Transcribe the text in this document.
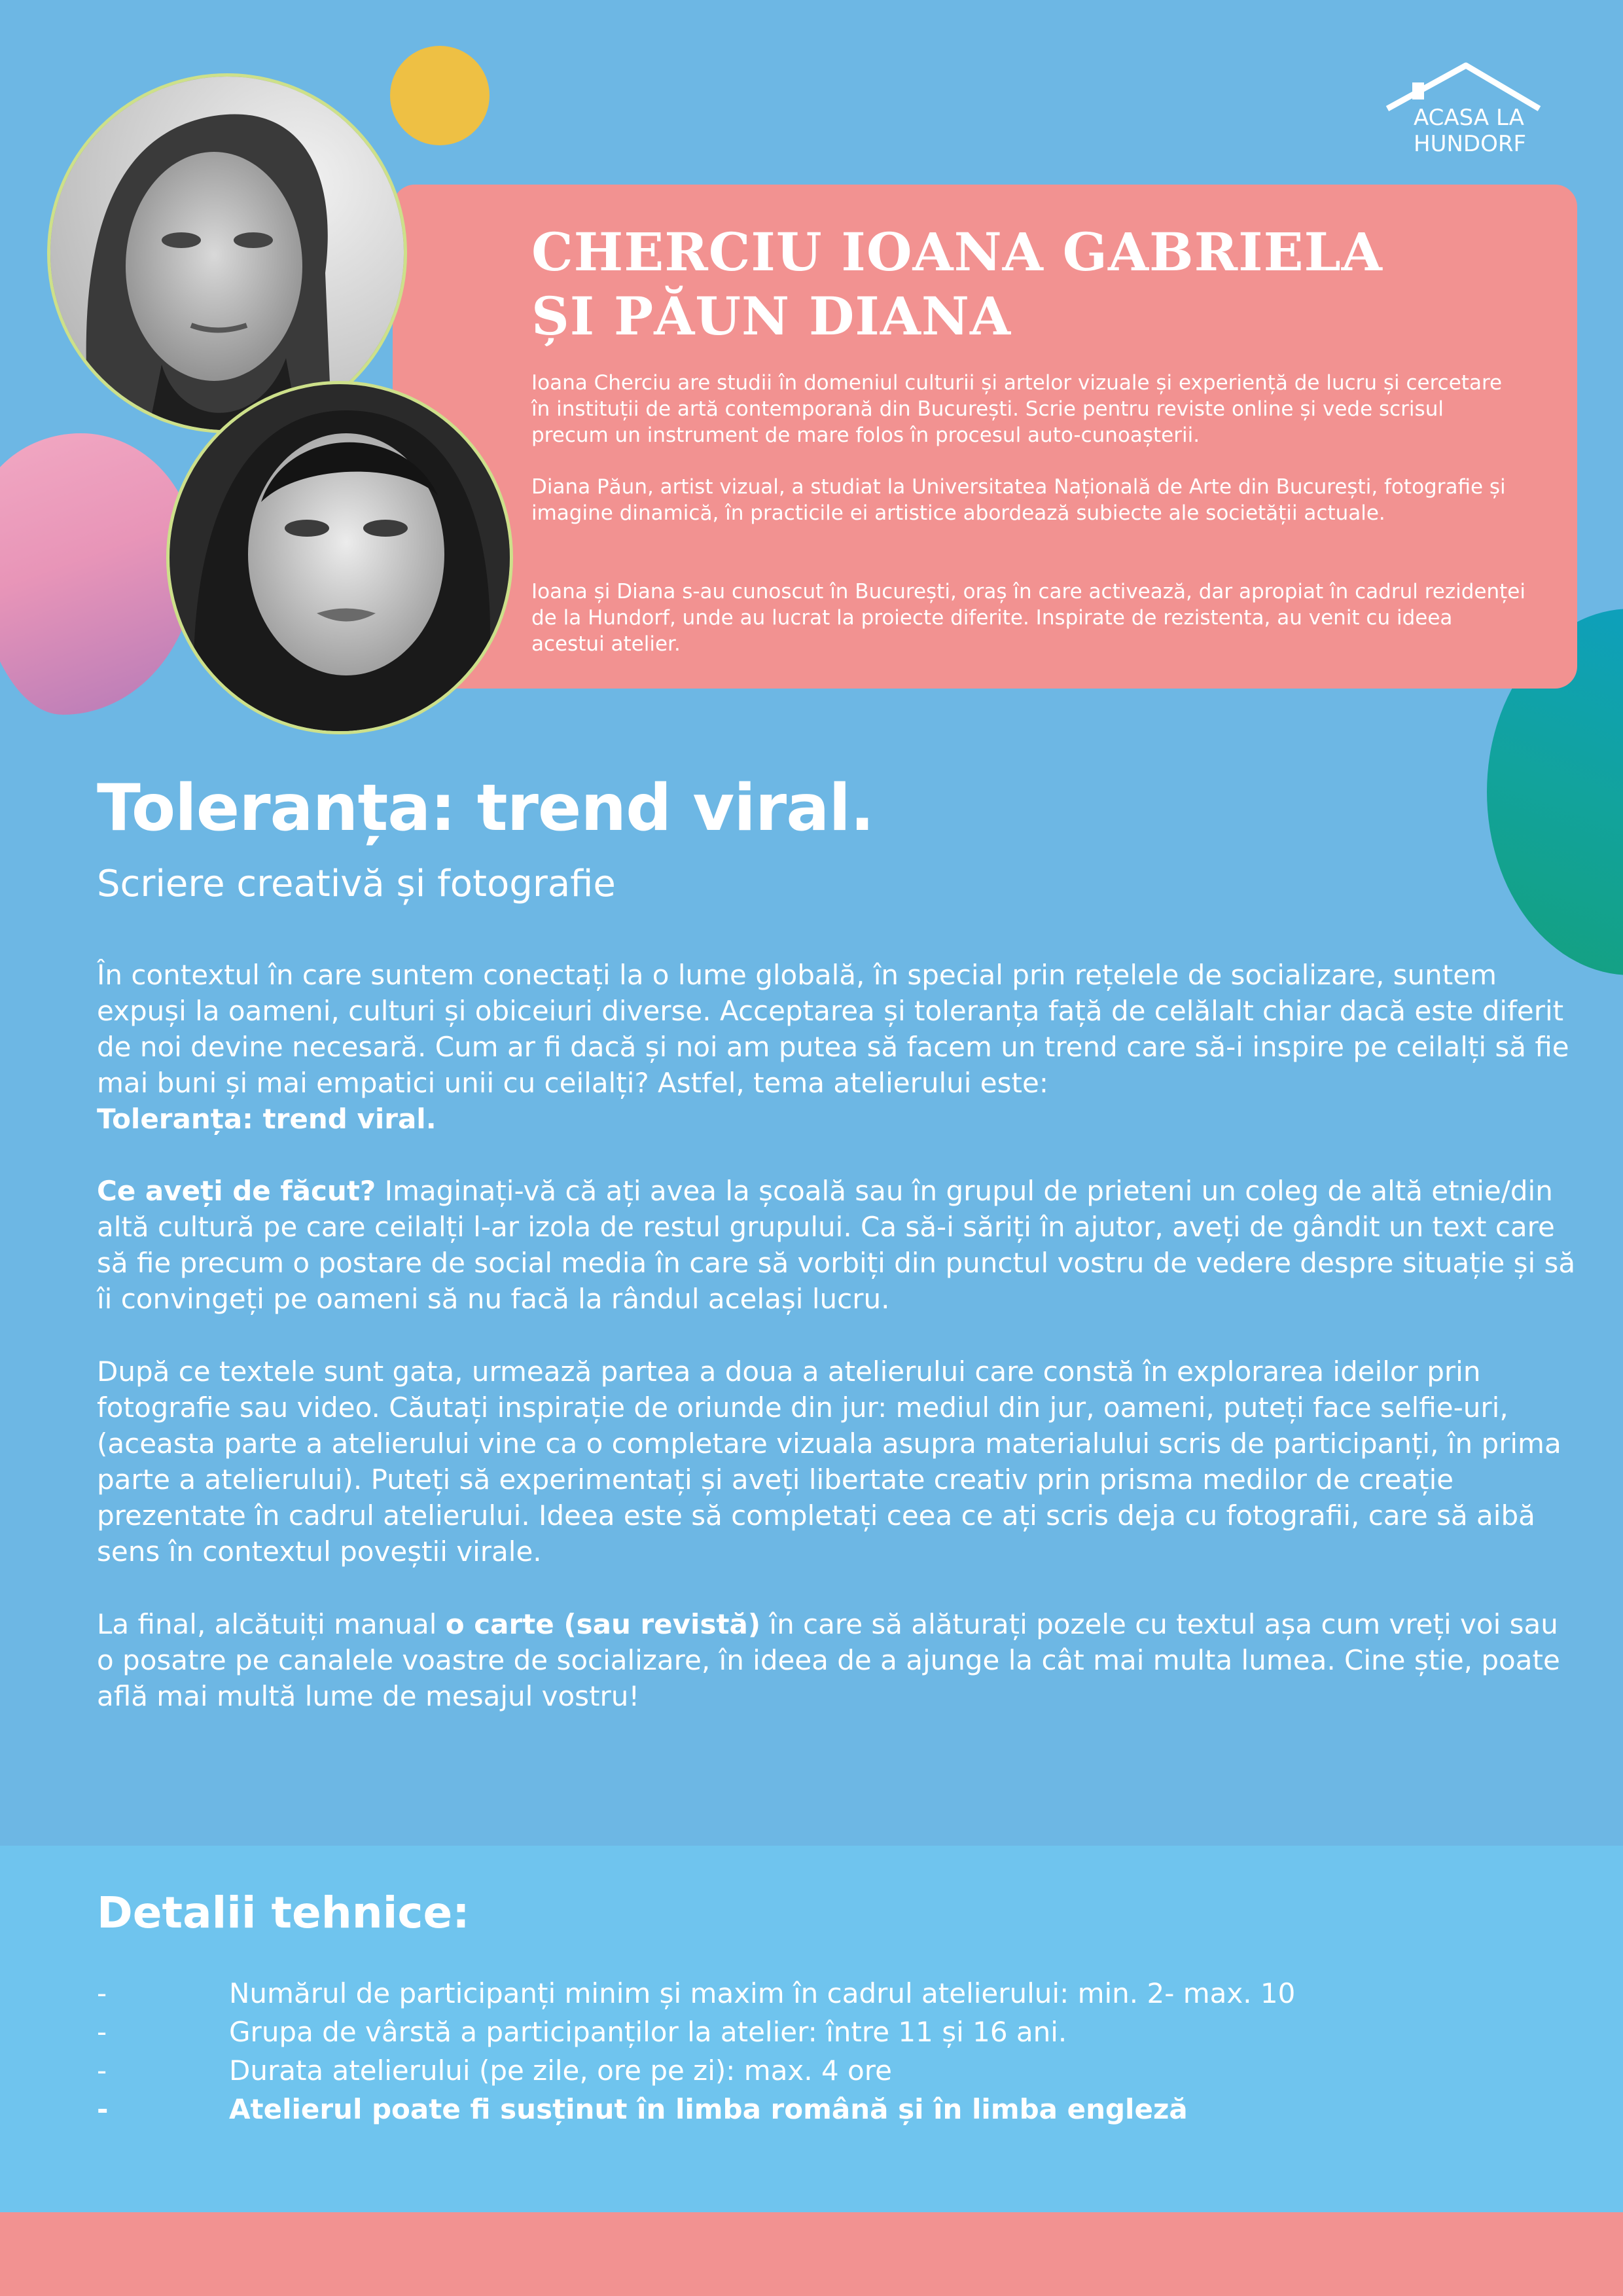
CHERCIU IOANA GABRIELA
ȘI PĂUN DIANA

Ioana Cherciu are studii în domeniul culturii și artelor vizuale și experiență de lucru și cercetare în instituții de artă contemporană din București. Scrie pentru reviste online și vede scrisul precum un instrument de mare folos în procesul auto-cunoașterii.

Diana Păun, artist vizual, a studiat la Universitatea Națională de Arte din București, fotografie și imagine dinamică, în practicile ei artistice abordează subiecte ale societății actuale.

Ioana și Diana s-au cunoscut în București, oraș în care activează, dar apropiat în cadrul rezidenței de la Hundorf, unde au lucrat la proiecte diferite. Inspirate de rezistenta, au venit cu ideea acestui atelier.

ACASA LA
HUNDORF
Toleranța: trend viral.

Scriere creativă și fotografie

În contextul în care suntem conectați la o lume globală, în special prin rețelele de socializare, suntem expuși la oameni, culturi și obiceiuri diverse. Acceptarea și toleranța față de celălalt chiar dacă este diferit de noi devine necesară. Cum ar fi dacă și noi am putea să facem un trend care să-i inspire pe ceilalți să fie mai buni și mai empatici unii cu ceilalți? Astfel, tema atelierului este:
Toleranța: trend viral.

Ce aveți de făcut? Imaginați-vă că ați avea la școală sau în grupul de prieteni un coleg de altă etnie/din altă cultură pe care ceilalți l-ar izola de restul grupului. Ca să-i săriți în ajutor, aveți de gândit un text care să fie precum o postare de social media în care să vorbiți din punctul vostru de vedere despre situație și să îi convingeți pe oameni să nu facă la rândul același lucru.

După ce textele sunt gata, urmează partea a doua a atelierului care constă în explorarea ideilor prin fotografie sau video. Căutați inspirație de oriunde din jur: mediul din jur, oameni, puteți face selfie-uri, (aceasta parte a atelierului vine ca o completare vizuala asupra materialului scris de participanți, în prima parte a atelierului). Puteți să experimentați și aveți libertate creativ prin prisma medilor de creație prezentate în cadrul atelierului. Ideea este să completați ceea ce ați scris deja cu fotografii, care să aibă sens în contextul poveștii virale.

La final, alcătuiți manual o carte (sau revistă) în care să alăturați pozele cu textul așa cum vreți voi sau o posatre pe canalele voastre de socializare, în ideea de a ajunge la cât mai multa lumea. Cine știe, poate află mai multă lume de mesajul vostru!

Detalii tehnice:
-	Numărul de participanți minim și maxim în cadrul atelierului: min. 2- max. 10
-	Grupa de vârstă a participanților la atelier: între 11 și 16 ani.
-	Durata atelierului (pe zile, ore pe zi): max. 4 ore
-	Atelierul poate fi susținut în limba română și în limba engleză
